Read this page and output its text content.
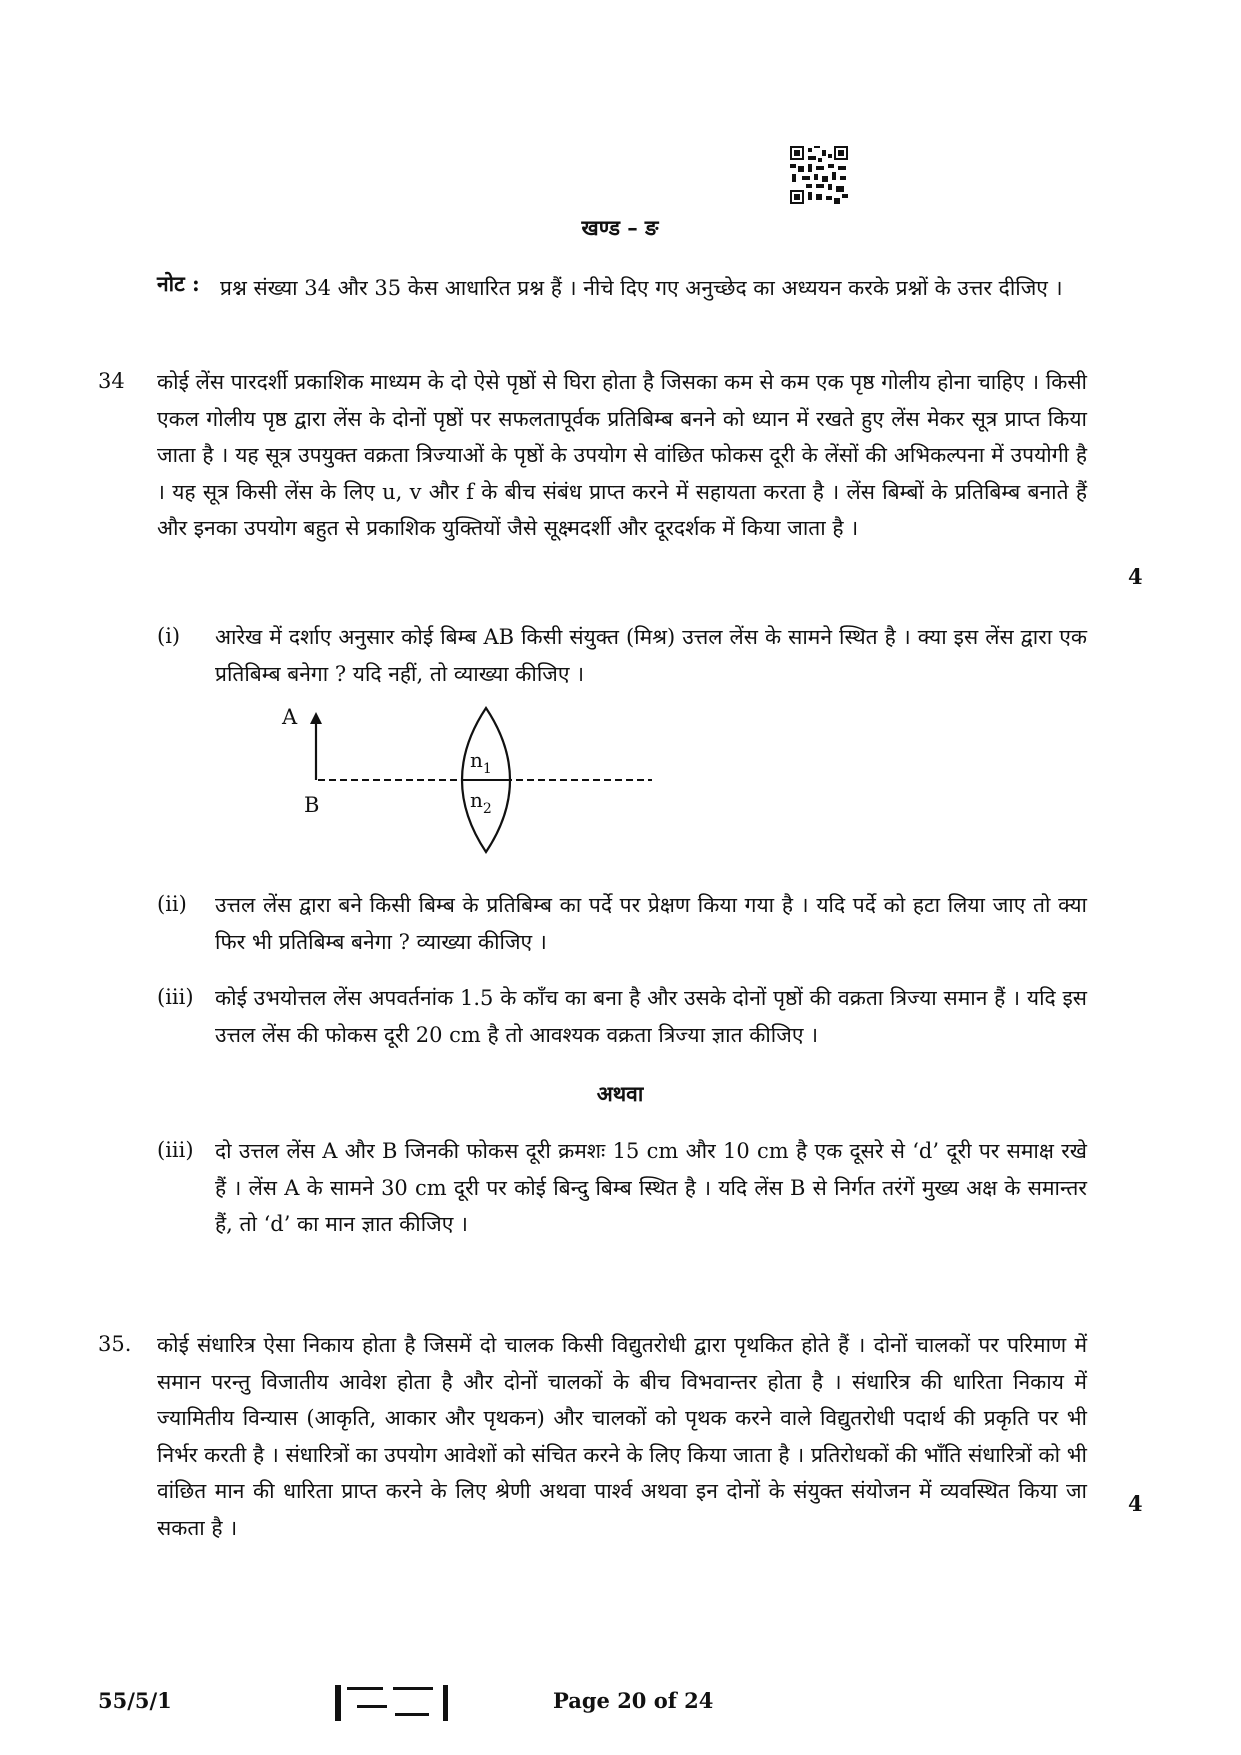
खण्ड – ङ
नोट : प्रश्न संख्या 34 और 35 केस आधारित प्रश्न हैं । नीचे दिए गए अनुच्छेद का अध्ययन करके प्रश्नों के उत्तर दीजिए ।
34 कोई लेंस पारदर्शी प्रकाशिक माध्यम के दो ऐसे पृष्ठों से घिरा होता है जिसका कम से कम एक पृष्ठ गोलीय होना चाहिए । किसी एकल गोलीय पृष्ठ द्वारा लेंस के दोनों पृष्ठों पर सफलतापूर्वक प्रतिबिम्ब बनने को ध्यान में रखते हुए लेंस मेकर सूत्र प्राप्त किया जाता है । यह सूत्र उपयुक्त वक्रता त्रिज्याओं के पृष्ठों के उपयोग से वांछित फोकस दूरी के लेंसों की अभिकल्पना में उपयोगी है । यह सूत्र किसी लेंस के लिए u, v और f के बीच संबंध प्राप्त करने में सहायता करता है । लेंस बिम्बों के प्रतिबिम्ब बनाते हैं और इनका उपयोग बहुत से प्रकाशिक युक्तियों जैसे सूक्ष्मदर्शी और दूरदर्शक में किया जाता है ।
4
(i) आरेख में दर्शाए अनुसार कोई बिम्ब AB किसी संयुक्त (मिश्र) उत्तल लेंस के सामने स्थित है । क्या इस लेंस द्वारा एक प्रतिबिम्ब बनेगा ? यदि नहीं, तो व्याख्या कीजिए ।
A
B
$n_1$
$n_2$
(ii) उत्तल लेंस द्वारा बने किसी बिम्ब के प्रतिबिम्ब का पर्दे पर प्रेक्षण किया गया है । यदि पर्दे को हटा लिया जाए तो क्या फिर भी प्रतिबिम्ब बनेगा ? व्याख्या कीजिए ।
(iii) कोई उभयोत्तल लेंस अपवर्तनांक 1.5 के काँच का बना है और उसके दोनों पृष्ठों की वक्रता त्रिज्या समान हैं । यदि इस उत्तल लेंस की फोकस दूरी 20 cm है तो आवश्यक वक्रता त्रिज्या ज्ञात कीजिए ।
अथवा
(iii) दो उत्तल लेंस A और B जिनकी फोकस दूरी क्रमशः 15 cm और 10 cm है एक दूसरे से ‘d’ दूरी पर समाक्ष रखे हैं । लेंस A के सामने 30 cm दूरी पर कोई बिन्दु बिम्ब स्थित है । यदि लेंस B से निर्गत तरंगें मुख्य अक्ष के समान्तर हैं, तो ‘d’ का मान ज्ञात कीजिए ।
35. कोई संधारित्र ऐसा निकाय होता है जिसमें दो चालक किसी विद्युतरोधी द्वारा पृथकित होते हैं । दोनों चालकों पर परिमाण में समान परन्तु विजातीय आवेश होता है और दोनों चालकों के बीच विभवान्तर होता है । संधारित्र की धारिता निकाय में ज्यामितीय विन्यास (आकृति, आकार और पृथकन) और चालकों को पृथक करने वाले विद्युतरोधी पदार्थ की प्रकृति पर भी निर्भर करती है । संधारित्रों का उपयोग आवेशों को संचित करने के लिए किया जाता है । प्रतिरोधकों की भाँति संधारित्रों को भी वांछित मान की धारिता प्राप्त करने के लिए श्रेणी अथवा पार्श्व अथवा इन दोनों के संयुक्त संयोजन में व्यवस्थित किया जा सकता है ।
4
55/5/1	Page 20 of 24
